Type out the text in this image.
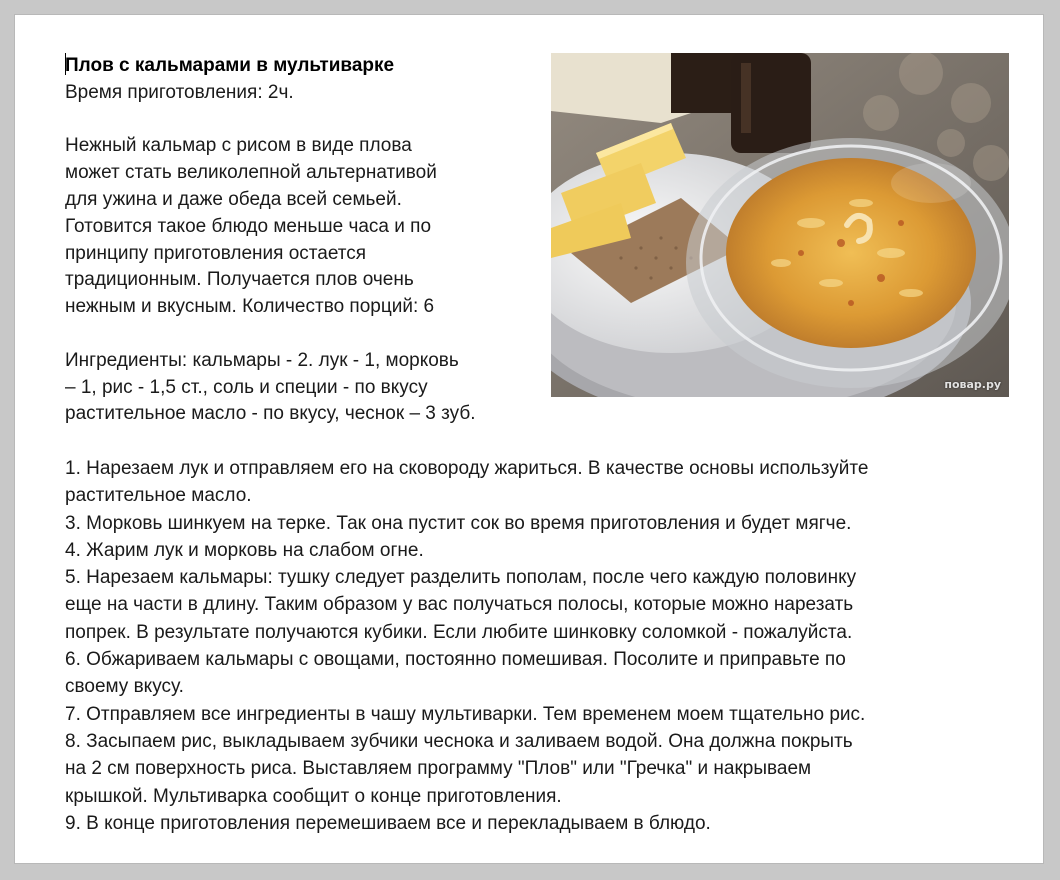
Плов с кальмарами в мультиварке

Время приготовления: 2ч.

Нежный кальмар с рисом в виде плова

может стать великолепной альтернативой

для ужина и даже обеда всей семьей.

Готовится такое блюдо меньше часа и по

принципу приготовления остается

традиционным. Получается плов очень

нежным и вкусным. Количество порций: 6

Ингредиенты: кальмары - 2. лук - 1, морковь

– 1, рис - 1,5 ст., соль и специи - по вкусу

растительное масло - по вкусу, чеснок – 3 зуб.

повар.ру

1. Нарезаем лук и отправляем его на сковороду жариться. В качестве основы используйте

растительное масло.

3. Морковь шинкуем на терке. Так она пустит сок во время приготовления и будет мягче.

4. Жарим лук и морковь на слабом огне.

5. Нарезаем кальмары: тушку следует разделить пополам, после чего каждую половинку

еще на части в длину. Таким образом у вас получаться полосы, которые можно нарезать

попрек. В результате получаются кубики. Если любите шинковку соломкой - пожалуйста.

6. Обжариваем кальмары с овощами, постоянно помешивая. Посолите и приправьте по

своему вкусу.

7. Отправляем все ингредиенты в чашу мультиварки. Тем временем моем тщательно рис.

8. Засыпаем рис, выкладываем зубчики чеснока и заливаем водой. Она должна покрыть

на 2 см поверхность риса. Выставляем программу "Плов" или "Гречка" и накрываем

крышкой. Мультиварка сообщит о конце приготовления.

9. В конце приготовления перемешиваем все и перекладываем в блюдо.
